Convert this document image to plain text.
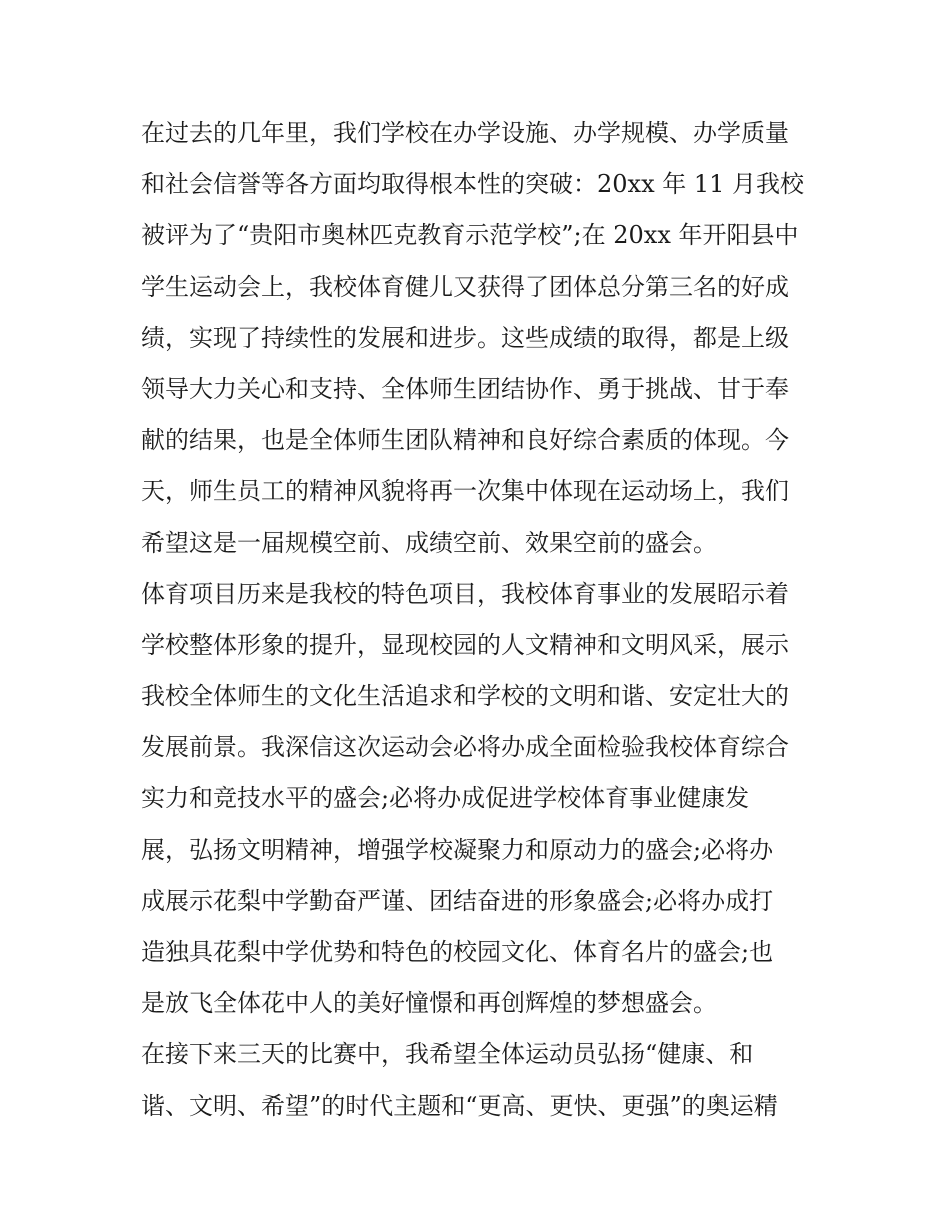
在过去的几年里，我们学校在办学设施、办学规模、办学质量
和社会信誉等各方面均取得根本性的突破：20xx 年 11 月我校
被评为了“贵阳市奥林匹克教育示范学校”;在 20xx 年开阳县中
学生运动会上，我校体育健儿又获得了团体总分第三名的好成
绩，实现了持续性的发展和进步。这些成绩的取得，都是上级
领导大力关心和支持、全体师生团结协作、勇于挑战、甘于奉
献的结果，也是全体师生团队精神和良好综合素质的体现。今
天，师生员工的精神风貌将再一次集中体现在运动场上，我们
希望这是一届规模空前、成绩空前、效果空前的盛会。
体育项目历来是我校的特色项目，我校体育事业的发展昭示着
学校整体形象的提升，显现校园的人文精神和文明风采，展示
我校全体师生的文化生活追求和学校的文明和谐、安定壮大的
发展前景。我深信这次运动会必将办成全面检验我校体育综合
实力和竞技水平的盛会;必将办成促进学校体育事业健康发
展，弘扬文明精神，增强学校凝聚力和原动力的盛会;必将办
成展示花梨中学勤奋严谨、团结奋进的形象盛会;必将办成打
造独具花梨中学优势和特色的校园文化、体育名片的盛会;也
是放飞全体花中人的美好憧憬和再创辉煌的梦想盛会。
在接下来三天的比赛中，我希望全体运动员弘扬“健康、和
谐、文明、希望”的时代主题和“更高、更快、更强”的奥运精
